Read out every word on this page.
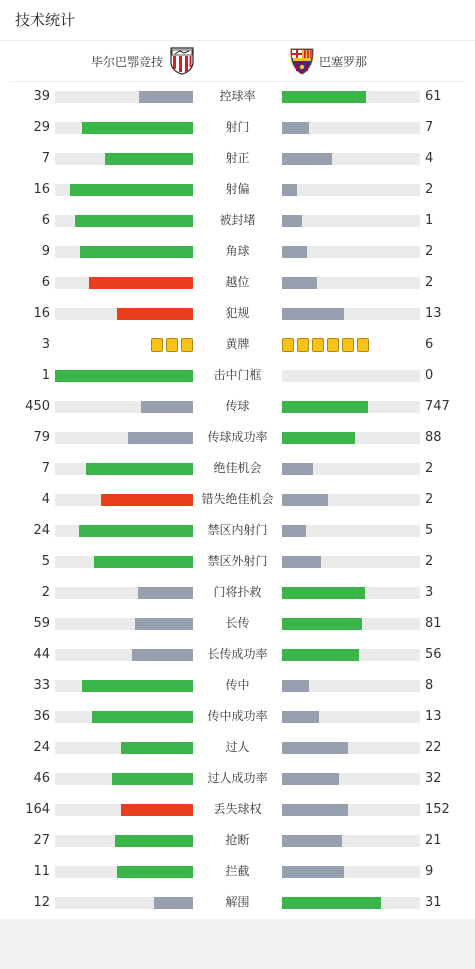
技术统计
毕尔巴鄂竞技	巴塞罗那
39	控球率	61
29	射门	7
7	射正	4
16	射偏	2
6	被封堵	1
9	角球	2
6	越位	2
16	犯规	13
3	黄牌	6
1	击中门框	0
450	传球	747
79	传球成功率	88
7	绝佳机会	2
4	错失绝佳机会	2
24	禁区内射门	5
5	禁区外射门	2
2	门将扑救	3
59	长传	81
44	长传成功率	56
33	传中	8
36	传中成功率	13
24	过人	22
46	过人成功率	32
164	丢失球权	152
27	抢断	21
11	拦截	9
12	解围	31
